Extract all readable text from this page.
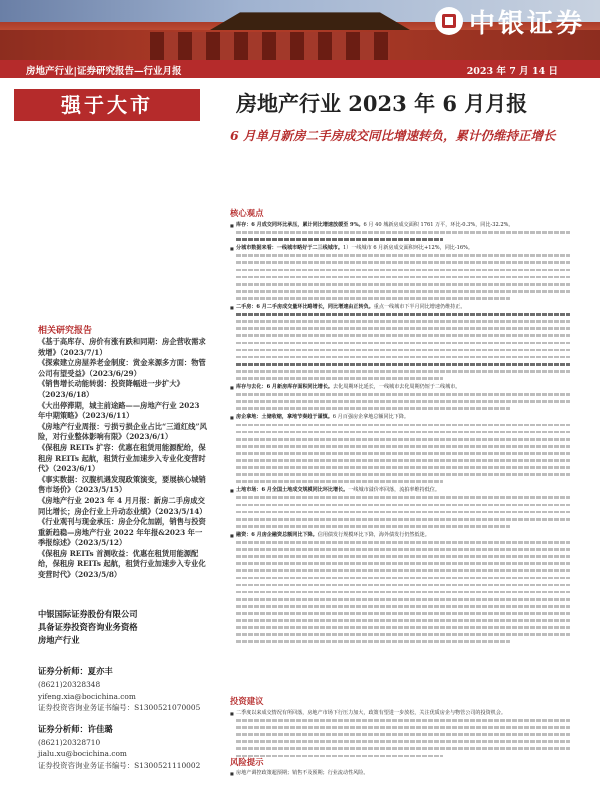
中银证券
房地产行业|证券研究报告—行业月报	2023 年 7 月 14 日
强于大市
相关研究报告
《基于高库存、房价有涨有跌和同期：房企营收需求效增》（2023/7/1）
《探索建立房屋养老金制度：赏金来源多方面：物管公司有望受益》（2023/6/29）
《销售增长动能转弱：投资降幅进一步扩大》（2023/6/18）
《大出停滞期，城主前途路——房地产行业 2023 年中期策略》（2023/6/11）
《房地产行业周报：亏损亏损企业占比“三道红线”风险，对行业整体影响有限》（2023/6/1）
《保租房 REITs 扩容：优惠在租赁用能源配给，保租房 REITs 起航，租赁行业加速步入专业化变营时代》（2023/6/1）
《事实数据：汉腹机遇发现政策演变，要展核心城销售市场价》（2023/5/15）
《房地产行业 2023 年 4 月月报：新房二手房成交同比增长；房企行业上升动态业绩》（2023/5/14）
《行业观刊与现金承压：房企分化加剧，销售与投资重新趋稳—房地产行业 2022 年年报&2023 年一季报综述》（2023/5/12）
《保租房 REITs 首测收益：优惠在租赁用能源配给，保租房 REITs 起航，租赁行业加速步入专业化变营时代》（2023/5/8）
中银国际证券股份有限公司
具备证券投资咨询业务资格
房地产行业
证券分析师：夏亦丰
(8621)20328348
yifeng.xia@bocichina.com
证券投资咨询业务证书编号：S1300521070005
证券分析师：许佳璐
(8621)20328710
jialu.xu@bocichina.com
证券投资咨询业务证书编号：S1300521110002
房地产行业 2023 年 6 月月报
6 月单月新房二手房成交同比增速转负，累计仍维持正增长
核心观点

■ 库存：6 月成交同环比承压，累计同比增速放缓至 9%。6 月 40 城新房成交面积 1761 万平，环比-0.3%，同比-32.2%。

■ 分城市数据来看：一线城市略好于二三线城市。1）一线城市 6 月新房成交面积环比+12%，同比-16%。

■ 二手房：6 月二手房成交量环比略增长，同比增速由正转负。重点一线城市下半月同比增速仍维持正。

■ 库存与去化：6 月新房库存面积同比增长。去化周期环比延长，一线城市去化周期仍短于二线城市。

■ 房企拿地：土储收缩，拿地节奏趋于谨慎。6 月百强房企拿地总额同比下降。

■ 土地市场：6 月全国土地成交规模同比环比增长。一线城市溢价率回落，流拍率维持低位。

■ 融资：6 月房企融资总额同比下降。信用债发行规模环比下降，海外债发行仍然低迷。

投资建议

■ 二季度以来成交情况有所回落，房地产市场下行压力加大，政策有望进一步放松，关注优质房企与物管公司的投资机会。

风险提示

■ 房地产调控政策超预期；销售不及预期；行业流动性风险。
